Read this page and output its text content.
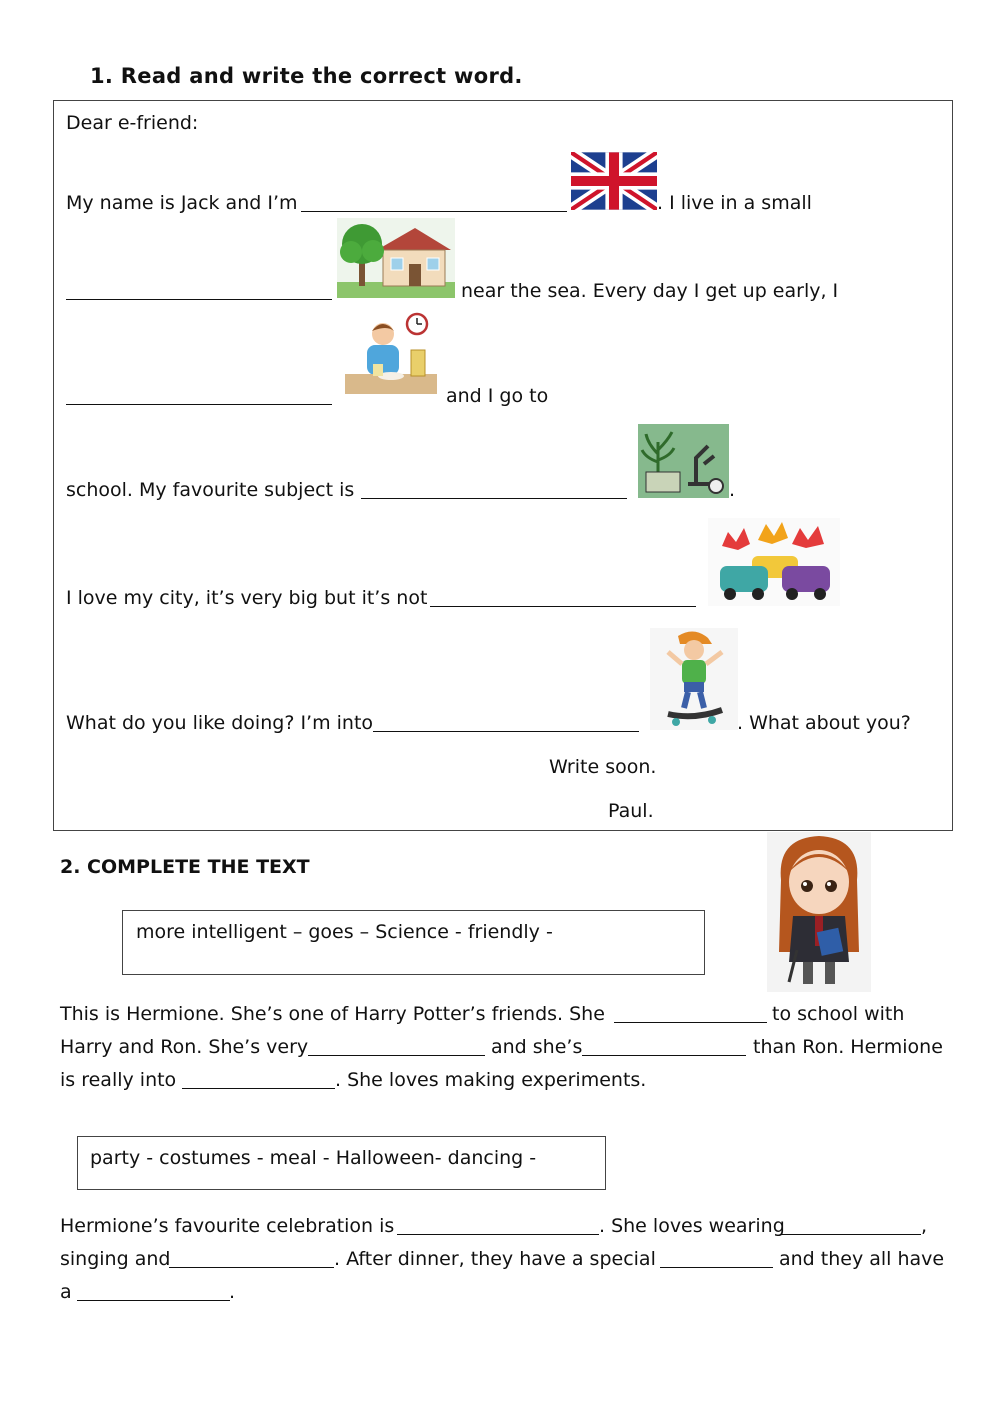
1. Read and write the correct word.
Dear e-friend:
My name is Jack and I’m	. I live in a small
near the sea. Every day I get up early, I
and I go to
school. My favourite subject is	.
I love my city, it’s very big but it’s not
What do you like doing? I’m into	. What about you?
Write soon.
Paul.
2. COMPLETE THE TEXT
more intelligent – goes – Science - friendly -
This is Hermione. She’s one of Harry Potter’s friends. She	to school with
Harry and Ron. She’s very	and she’s	than Ron. Hermione
is really into	. She loves making experiments.
party - costumes - meal - Halloween- dancing -
Hermione’s favourite celebration is	. She loves wearing	,
singing and	. After dinner, they have a special	and they all have
a	.
